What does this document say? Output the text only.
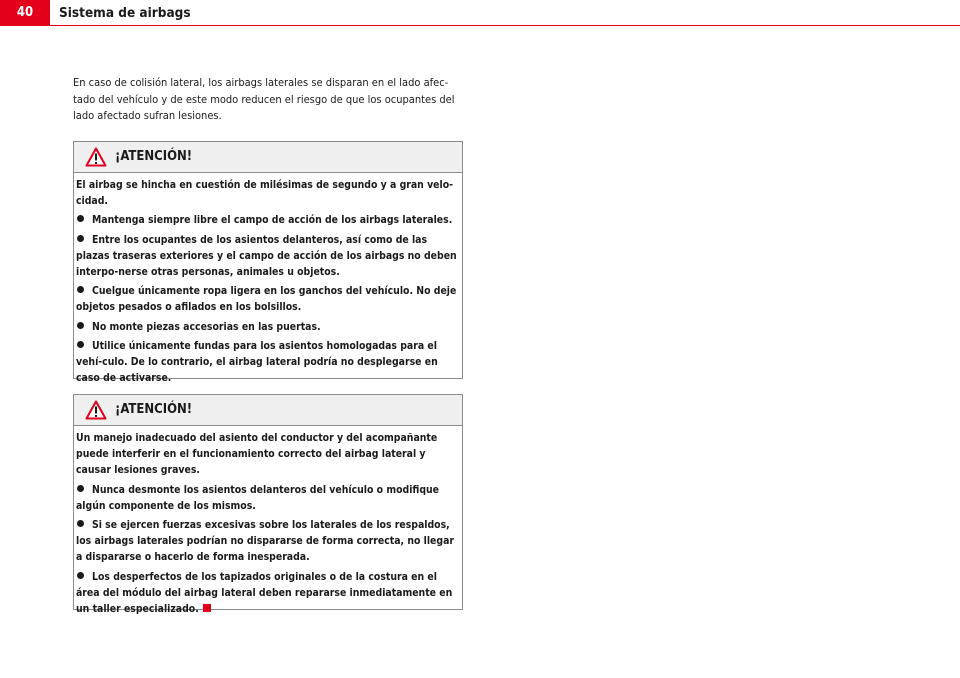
40	Sistema de airbags

En caso de colisión lateral, los airbags laterales se disparan en el lado afec-tado del vehículo y de este modo reducen el riesgo de que los ocupantes del lado afectado sufran lesiones.

¡ATENCIÓN!

El airbag se hincha en cuestión de milésimas de segundo y a gran velo-cidad.

Mantenga siempre libre el campo de acción de los airbags laterales.

Entre los ocupantes de los asientos delanteros, así como de las plazas traseras exteriores y el campo de acción de los airbags no deben interpo-nerse otras personas, animales u objetos.

Cuelgue únicamente ropa ligera en los ganchos del vehículo. No deje objetos pesados o afilados en los bolsillos.

No monte piezas accesorias en las puertas.

Utilice únicamente fundas para los asientos homologadas para el vehí-culo. De lo contrario, el airbag lateral podría no desplegarse en caso de activarse.

¡ATENCIÓN!

Un manejo inadecuado del asiento del conductor y del acompañante puede interferir en el funcionamiento correcto del airbag lateral y causar lesiones graves.

Nunca desmonte los asientos delanteros del vehículo o modifique algún componente de los mismos.

Si se ejercen fuerzas excesivas sobre los laterales de los respaldos, los airbags laterales podrían no dispararse de forma correcta, no llegar a dispararse o hacerlo de forma inesperada.

Los desperfectos de los tapizados originales o de la costura en el área del módulo del airbag lateral deben repararse inmediatamente en un taller especializado.
